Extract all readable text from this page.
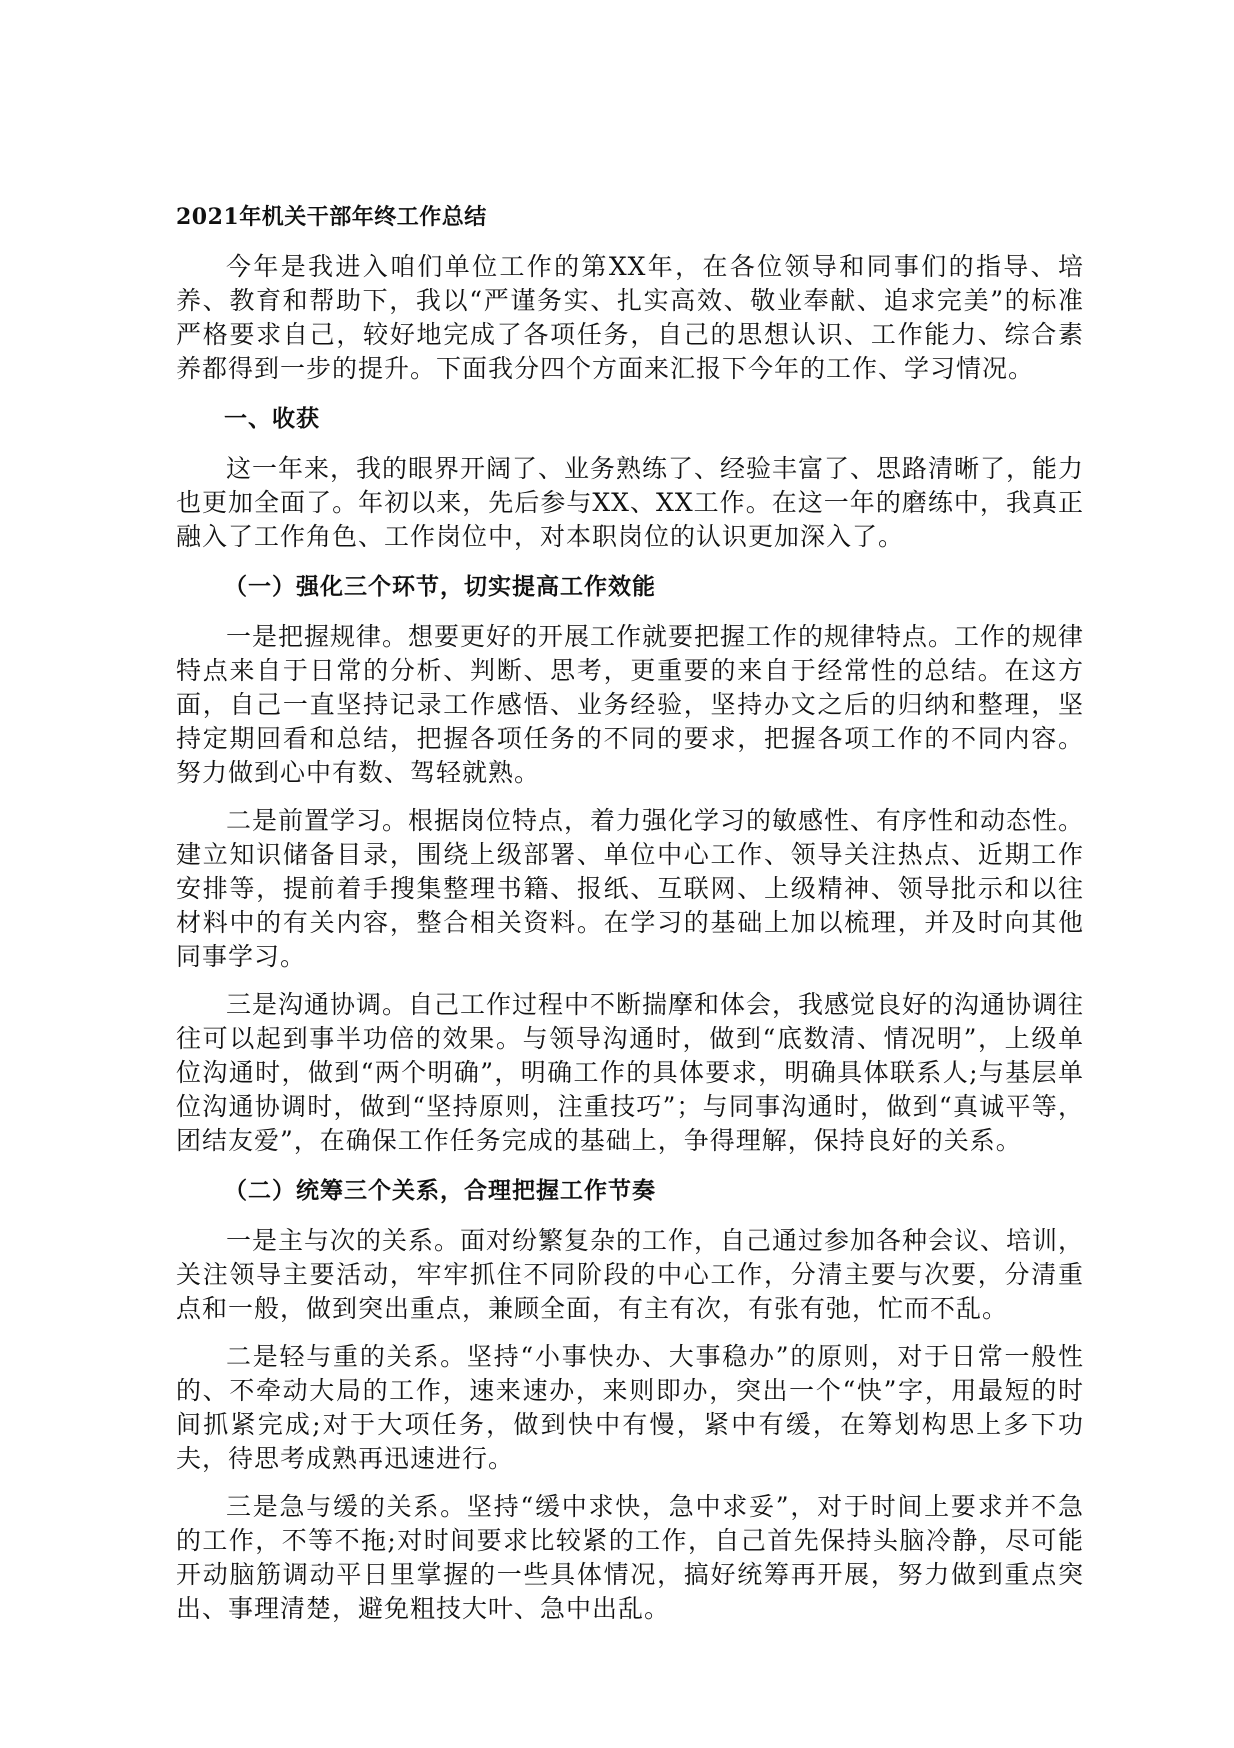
2021年机关干部年终工作总结

今年是我进入咱们单位工作的第XX年，在各位领导和同事们的指导、培养、教育和帮助下，我以“严谨务实、扎实高效、敬业奉献、追求完美”的标准严格要求自己，较好地完成了各项任务，自己的思想认识、工作能力、综合素养都得到一步的提升。下面我分四个方面来汇报下今年的工作、学习情况。

一、收获

这一年来，我的眼界开阔了、业务熟练了、经验丰富了、思路清晰了，能力也更加全面了。年初以来，先后参与XX、XX工作。在这一年的磨练中，我真正融入了工作角色、工作岗位中，对本职岗位的认识更加深入了。

（一）强化三个环节，切实提高工作效能

一是把握规律。想要更好的开展工作就要把握工作的规律特点。工作的规律特点来自于日常的分析、判断、思考，更重要的来自于经常性的总结。在这方面，自己一直坚持记录工作感悟、业务经验，坚持办文之后的归纳和整理，坚持定期回看和总结，把握各项任务的不同的要求，把握各项工作的不同内容。努力做到心中有数、驾轻就熟。

二是前置学习。根据岗位特点，着力强化学习的敏感性、有序性和动态性。建立知识储备目录，围绕上级部署、单位中心工作、领导关注热点、近期工作安排等，提前着手搜集整理书籍、报纸、互联网、上级精神、领导批示和以往材料中的有关内容，整合相关资料。在学习的基础上加以梳理，并及时向其他同事学习。

三是沟通协调。自己工作过程中不断揣摩和体会，我感觉良好的沟通协调往往可以起到事半功倍的效果。与领导沟通时，做到“底数清、情况明”，上级单位沟通时，做到“两个明确”，明确工作的具体要求，明确具体联系人;与基层单位沟通协调时，做到“坚持原则，注重技巧”；与同事沟通时，做到“真诚平等，团结友爱”，在确保工作任务完成的基础上，争得理解，保持良好的关系。

（二）统筹三个关系，合理把握工作节奏

一是主与次的关系。面对纷繁复杂的工作，自己通过参加各种会议、培训，关注领导主要活动，牢牢抓住不同阶段的中心工作，分清主要与次要，分清重点和一般，做到突出重点，兼顾全面，有主有次，有张有弛，忙而不乱。

二是轻与重的关系。坚持“小事快办、大事稳办”的原则，对于日常一般性的、不牵动大局的工作，速来速办，来则即办，突出一个“快”字，用最短的时间抓紧完成;对于大项任务，做到快中有慢，紧中有缓，在筹划构思上多下功夫，待思考成熟再迅速进行。

三是急与缓的关系。坚持“缓中求快，急中求妥”，对于时间上要求并不急的工作，不等不拖;对时间要求比较紧的工作，自己首先保持头脑冷静，尽可能开动脑筋调动平日里掌握的一些具体情况，搞好统筹再开展，努力做到重点突出、事理清楚，避免粗技大叶、急中出乱。
